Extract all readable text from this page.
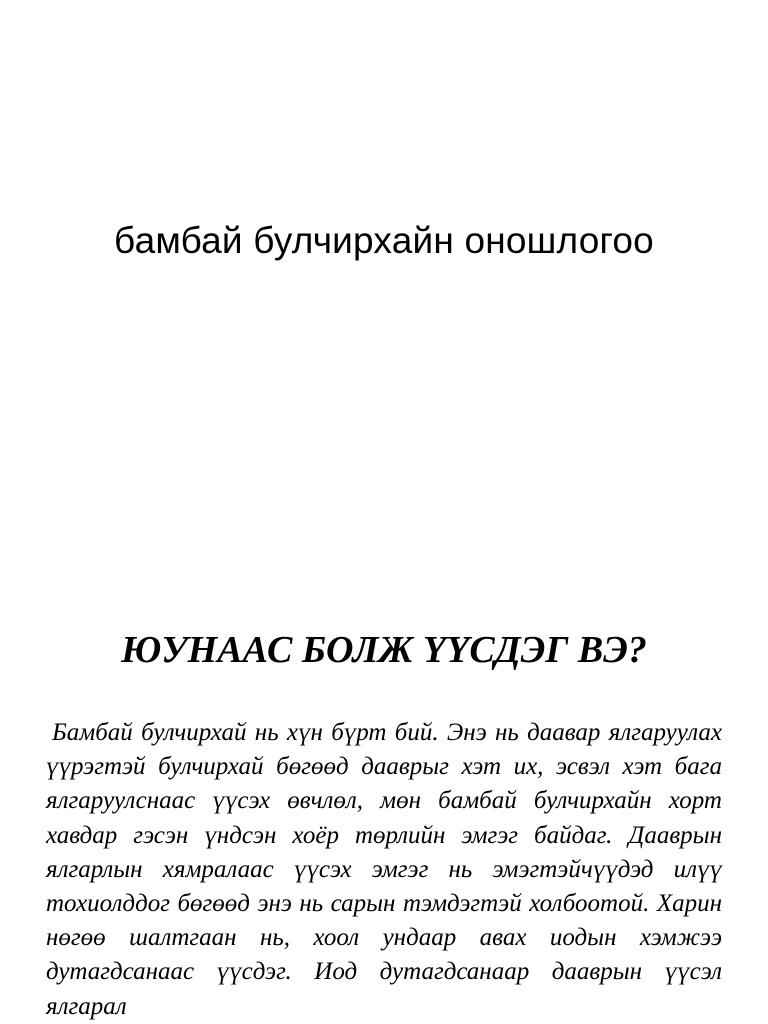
бамбай булчирхайн оношлогоо
ЮУНААС БОЛЖ ҮҮСДЭГ ВЭ?

Бамбай булчирхай нь хүн бүрт бий. Энэ нь даавар ялгаруулах үүрэгтэй булчирхай бөгөөд дааврыг хэт их, эсвэл хэт бага ялгаруулснаас үүсэх өвчлөл, мөн бамбай булчирхайн хорт хавдар гэсэн үндсэн хоёр төрлийн эмгэг байдаг. Дааврын ялгарлын хямралаас үүсэх эмгэг нь эмэгтэйчүүдэд илүү тохиолддог бөгөөд энэ нь сарын тэмдэгтэй холбоотой. Харин нөгөө шалтгаан нь, хоол ундаар авах иодын хэмжээ дутагдсанаас үүсдэг. Иод дутагдсанаар дааврын үүсэл ялгарал
